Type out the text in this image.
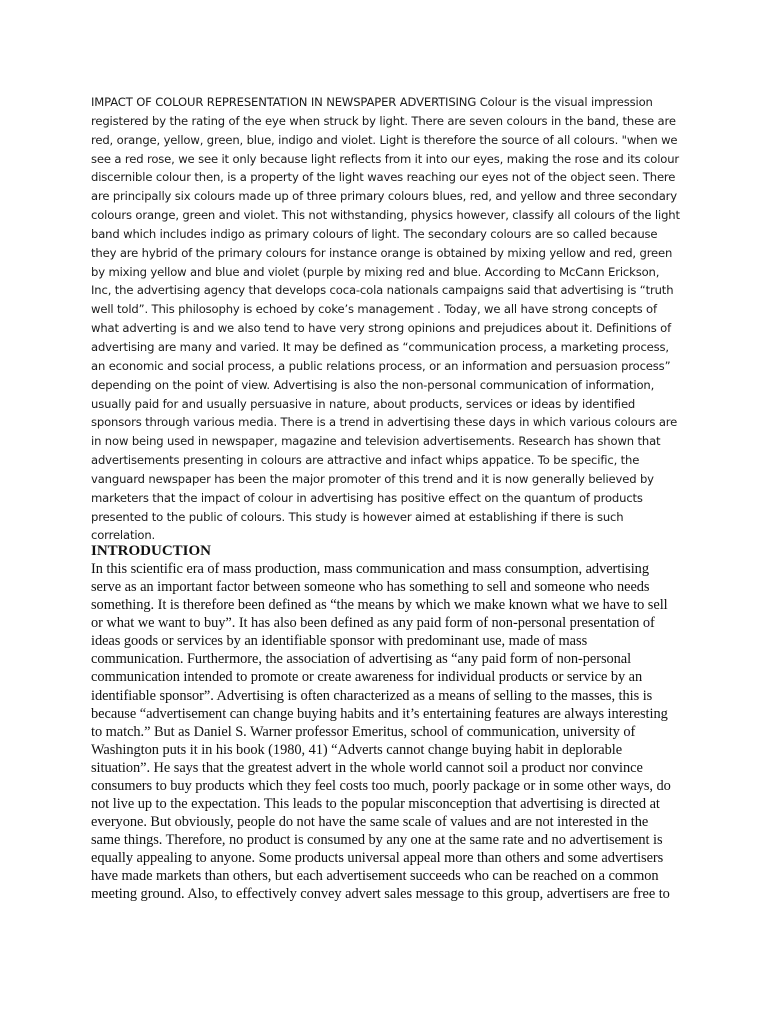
IMPACT OF COLOUR REPRESENTATION IN NEWSPAPER ADVERTISING Colour is the visual impression registered by the rating of the eye when struck by light. There are seven colours in the band, these are red, orange, yellow, green, blue, indigo and violet. Light is therefore the source of all colours. "when we see a red rose, we see it only because light reflects from it into our eyes, making the rose and its colour discernible colour then, is a property of the light waves reaching our eyes not of the object seen. There are principally six colours made up of three primary colours blues, red, and yellow and three secondary colours orange, green and violet. This not withstanding, physics however, classify all colours of the light band which includes indigo as primary colours of light. The secondary colours are so called because they are hybrid of the primary colours for instance orange is obtained by mixing yellow and red, green by mixing yellow and blue and violet (purple by mixing red and blue. According to McCann Erickson, Inc, the advertising agency that develops coca-cola nationals campaigns said that advertising is “truth well told”. This philosophy is echoed by coke’s management . Today, we all have strong concepts of what adverting is and we also tend to have very strong opinions and prejudices about it. Definitions of advertising are many and varied. It may be defined as “communication process, a marketing process, an economic and social process, a public relations process, or an information and persuasion process” depending on the point of view. Advertising is also the non-personal communication of information, usually paid for and usually persuasive in nature, about products, services or ideas by identified sponsors through various media. There is a trend in advertising these days in which various colours are in now being used in newspaper, magazine and television advertisements. Research has shown that advertisements presenting in colours are attractive and infact whips appatice. To be specific, the vanguard newspaper has been the major promoter of this trend and it is now generally believed by marketers that the impact of colour in advertising has positive effect on the quantum of products presented to the public of colours. This study is however aimed at establishing if there is such correlation.

INTRODUCTION

In this scientific era of mass production, mass communication and mass consumption, advertising serve as an important factor between someone who has something to sell and someone who needs something. It is therefore been defined as “the means by which we make known what we have to sell or what we want to buy”. It has also been defined as any paid form of non-personal presentation of ideas goods or services by an identifiable sponsor with predominant use, made of mass communication. Furthermore, the association of advertising as “any paid form of non-personal communication intended to promote or create awareness for individual products or service by an identifiable sponsor”. Advertising is often characterized as a means of selling to the masses, this is because “advertisement can change buying habits and it’s entertaining features are always interesting to match.” But as Daniel S. Warner professor Emeritus, school of communication, university of Washington puts it in his book (1980, 41) “Adverts cannot change buying habit in deplorable situation”. He says that the greatest advert in the whole world cannot soil a product nor convince consumers to buy products which they feel costs too much, poorly package or in some other ways, do not live up to the expectation. This leads to the popular misconception that advertising is directed at everyone. But obviously, people do not have the same scale of values and are not interested in the same things. Therefore, no product is consumed by any one at the same rate and no advertisement is equally appealing to anyone. Some products universal appeal more than others and some advertisers have made markets than others, but each advertisement succeeds who can be reached on a common meeting ground. Also, to effectively convey advert sales message to this group, advertisers are free to
